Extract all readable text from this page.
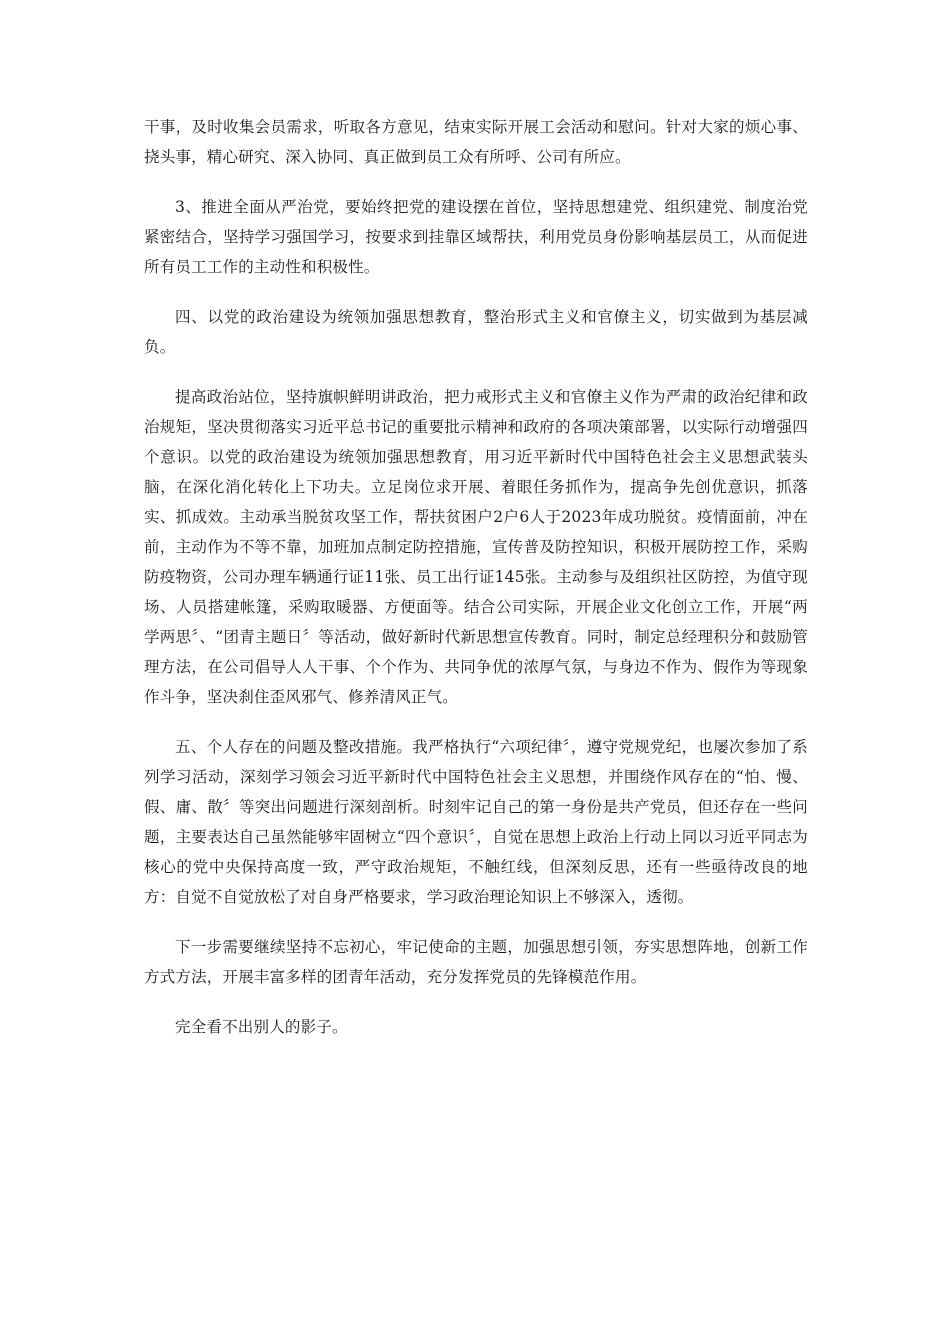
干事，及时收集会员需求，听取各方意见，结束实际开展工会活动和慰问。针对大家的烦心事、挠头事，精心研究、深入协同、真正做到员工众有所呼、公司有所应。

3、推进全面从严治党，要始终把党的建设摆在首位，坚持思想建党、组织建党、制度治党紧密结合，坚持学习强国学习，按要求到挂靠区域帮扶，利用党员身份影响基层员工，从而促进所有员工工作的主动性和积极性。

四、以党的政治建设为统领加强思想教育，整治形式主义和官僚主义，切实做到为基层减负。

提高政治站位，坚持旗帜鲜明讲政治，把力戒形式主义和官僚主义作为严肃的政治纪律和政治规矩，坚决贯彻落实习近平总书记的重要批示精神和政府的各项决策部署，以实际行动增强四个意识。以党的政治建设为统领加强思想教育，用习近平新时代中国特色社会主义思想武装头脑，在深化消化转化上下功夫。立足岗位求开展、着眼任务抓作为，提高争先创优意识，抓落实、抓成效。主动承当脱贫攻坚工作，帮扶贫困户2户6人于2023年成功脱贫。疫情面前，冲在前，主动作为不等不靠，加班加点制定防控措施，宣传普及防控知识，积极开展防控工作，采购防疫物资，公司办理车辆通行证11张、员工出行证145张。主动参与及组织社区防控，为值守现场、人员搭建帐篷，采购取暖器、方便面等。结合公司实际，开展企业文化创立工作，开展“两学两思〞、“团青主题日〞等活动，做好新时代新思想宣传教育。同时，制定总经理积分和鼓励管理方法，在公司倡导人人干事、个个作为、共同争优的浓厚气氛，与身边不作为、假作为等现象作斗争，坚决刹住歪风邪气、修养清风正气。

五、个人存在的问题及整改措施。我严格执行“六项纪律〞，遵守党规党纪，也屡次参加了系列学习活动，深刻学习领会习近平新时代中国特色社会主义思想，并围绕作风存在的“怕、慢、假、庸、散〞等突出问题进行深刻剖析。时刻牢记自己的第一身份是共产党员，但还存在一些问题，主要表达自己虽然能够牢固树立“四个意识〞，自觉在思想上政治上行动上同以习近平同志为核心的党中央保持高度一致，严守政治规矩，不触红线，但深刻反思，还有一些亟待改良的地方：自觉不自觉放松了对自身严格要求，学习政治理论知识上不够深入，透彻。

下一步需要继续坚持不忘初心，牢记使命的主题，加强思想引领，夯实思想阵地，创新工作方式方法，开展丰富多样的团青年活动，充分发挥党员的先锋模范作用。

完全看不出别人的影子。
